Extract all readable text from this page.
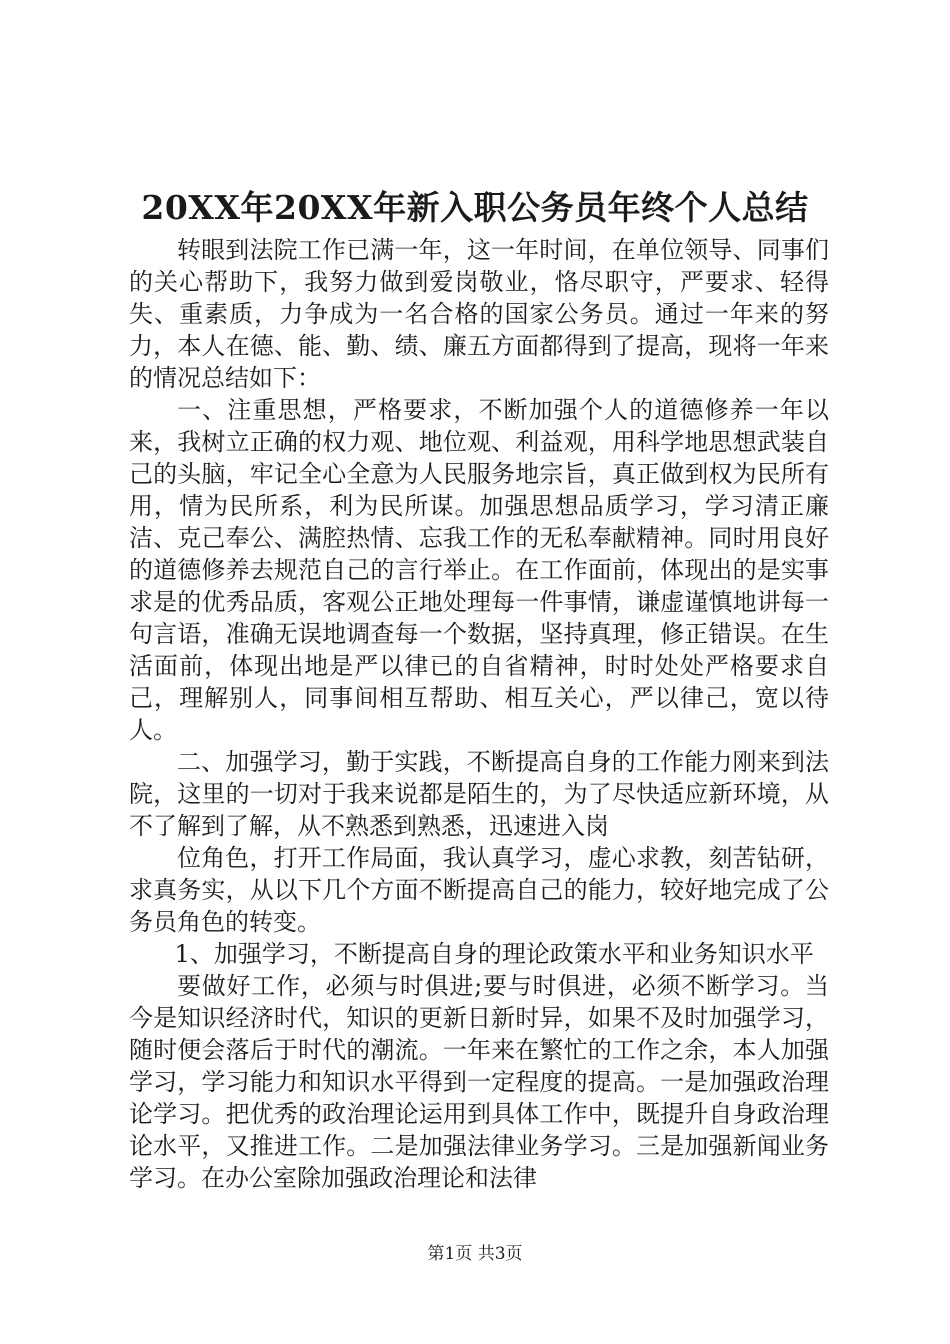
20XX年20XX年新入职公务员年终个人总结

转眼到法院工作已满一年，这一年时间，在单位领导、同事们的关心帮助下，我努力做到爱岗敬业，恪尽职守，严要求、轻得失、重素质，力争成为一名合格的国家公务员。通过一年来的努力，本人在德、能、勤、绩、廉五方面都得到了提高，现将一年来的情况总结如下：

一、注重思想，严格要求，不断加强个人的道德修养一年以来，我树立正确的权力观、地位观、利益观，用科学地思想武装自己的头脑，牢记全心全意为人民服务地宗旨，真正做到权为民所有用，情为民所系，利为民所谋。加强思想品质学习，学习清正廉洁、克己奉公、满腔热情、忘我工作的无私奉献精神。同时用良好的道德修养去规范自己的言行举止。在工作面前，体现出的是实事求是的优秀品质，客观公正地处理每一件事情，谦虚谨慎地讲每一句言语，准确无误地调查每一个数据，坚持真理，修正错误。在生活面前，体现出地是严以律已的自省精神，时时处处严格要求自己，理解别人，同事间相互帮助、相互关心，严以律己，宽以待人。

二、加强学习，勤于实践，不断提高自身的工作能力刚来到法院，这里的一切对于我来说都是陌生的，为了尽快适应新环境，从不了解到了解，从不熟悉到熟悉，迅速进入岗

位角色，打开工作局面，我认真学习，虚心求教，刻苦钻研，求真务实，从以下几个方面不断提高自己的能力，较好地完成了公务员角色的转变。

1、加强学习，不断提高自身的理论政策水平和业务知识水平

要做好工作，必须与时俱进;要与时俱进，必须不断学习。当今是知识经济时代，知识的更新日新时异，如果不及时加强学习，随时便会落后于时代的潮流。一年来在繁忙的工作之余，本人加强学习，学习能力和知识水平得到一定程度的提高。一是加强政治理论学习。把优秀的政治理论运用到具体工作中，既提升自身政治理论水平，又推进工作。二是加强法律业务学习。三是加强新闻业务学习。在办公室除加强政治理论和法律

第1页 共3页
